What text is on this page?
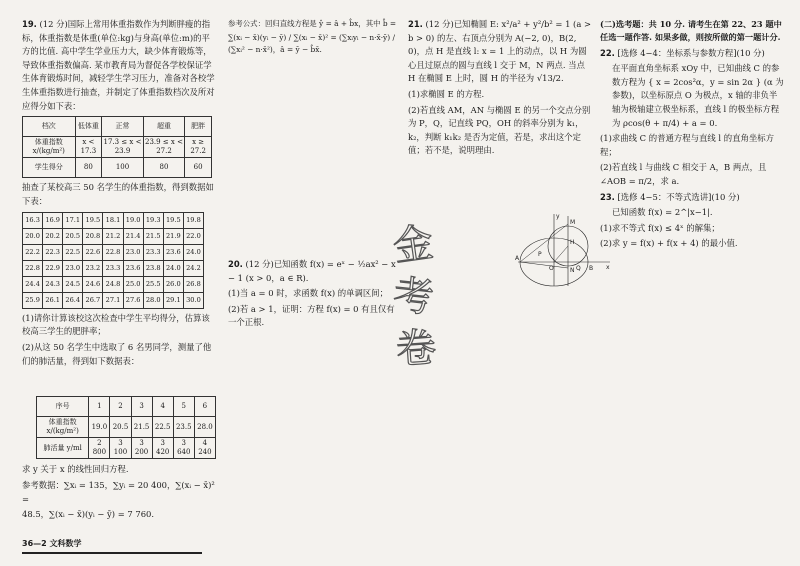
19. (12 分)国际上常用体重指数作为判断胖瘦的指标，体重指数是体重(单位:kg)与身高(单位:m)的平方的比值. 高中学生学业压力大，缺少体育锻炼等，导致体重指数偏高. 某市教育局为督促各学校保证学生体育锻炼时间，减轻学生学习压力，准备对各校学生体重指数进行抽查，并制定了体重指数档次及所对应得分如下表：

档次	低体重	正常	超重	肥胖
体重指数 x/(kg/m²)	x < 17.3	17.3 ≤ x < 23.9	23.9 ≤ x < 27.2	x ≥ 27.2
学生得分	80	100	80	60

抽查了某校高三 50 名学生的体重指数，得到数据如下表：

16.3	16.9	17.1	19.5	18.1	19.0	19.3	19.5	19.8
20.0	20.2	20.5	20.8	21.2	21.4	21.5	21.9	22.0
22.2	22.3	22.5	22.6	22.8	23.0	23.3	23.6	24.0
22.8	22.9	23.0	23.2	23.3	23.6	23.8	24.0	24.2
24.4	24.3	24.5	24.6	24.8	25.0	25.5	26.0	26.8
25.9	26.1	26.4	26.7	27.1	27.6	28.0	29.1	30.0

(1)请你计算该校这次检查中学生平均得分，估算该校高三学生的肥胖率；

(2)从这 50 名学生中选取了 6 名男同学，测量了他们的肺活量，得到如下数据表：

参考公式：回归直线方程是 ŷ = â + b̂x，其中 b̂ =

∑(xᵢ − x̄)(yᵢ − ȳ) / ∑(xᵢ − x̄)² = (∑xᵢyᵢ − n·x̄·ȳ) / (∑xᵢ² − n·x̄²)，â = ȳ − b̂x̄.

20. (12 分)已知函数 f(x) = eˣ − ½ax² − x − 1 (x > 0，a ∈ R).

(1)当 a = 0 时，求函数 f(x) 的单调区间；

(2)若 a > 1，证明：方程 f(x) = 0 有且仅有一个正根.

21. (12 分)已知椭圆 E: x²/a² + y²/b² = 1 (a > b > 0) 的左、右顶点分别为 A(−2, 0)，B(2, 0)，点 H 是直线 l: x = 1 上的动点，以 H 为圆心且过原点的圆与直线 l 交于 M，N 两点. 当点 H 在椭圆 E 上时，圆 H 的半径为 √13/2.

(1)求椭圆 E 的方程.

(2)若直线 AM，AN 与椭圆 E 的另一个交点分别为 P，Q，记直线 PQ，OH 的斜率分别为 k₁，k₂，判断 k₁k₂ 是否为定值，若是，求出这个定值；若不是，说明理由.

(二)选考题：共 10 分. 请考生在第 22、23 题中任选一题作答. 如果多做，则按所做的第一题计分.

22. [选修 4−4：坐标系与参数方程](10 分)

在平面直角坐标系 xOy 中，已知曲线 C 的参数方程为 { x = 2cos²α，y = sin 2α } (α 为参数)，以坐标原点 O 为极点，x 轴的非负半轴为极轴建立极坐标系，直线 l 的极坐标方程为 ρcos(θ + π/4) + a = 0.

(1)求曲线 C 的普通方程与直线 l 的直角坐标方程；

(2)若直线 l 与曲线 C 相交于 A，B 两点，且 ∠AOB = π/2，求 a.

23. [选修 4−5：不等式选讲](10 分)

已知函数 f(x) = 2^|x−1|.

(1)求不等式 f(x) ≤ 4ˣ 的解集；

(2)求 y = f(x) + f(x + 4) 的最小值.

序号	1	2	3	4	5	6
体重指数 x/(kg/m²)	19.0	20.5	21.5	22.5	23.5	28.0
肺活量 y/ml	2 800	3 100	3 200	3 420	3 640	4 240

求 y 关于 x 的线性回归方程.

参考数据：∑xᵢ = 135，∑yᵢ = 20 400，∑(xᵢ − x̄)² =

48.5，∑(xᵢ − x̄)(yᵢ − ȳ) = 7 760.

金
考
卷
y
M
H
N
A
O	B
Q
P
x
36—2 文科数学
